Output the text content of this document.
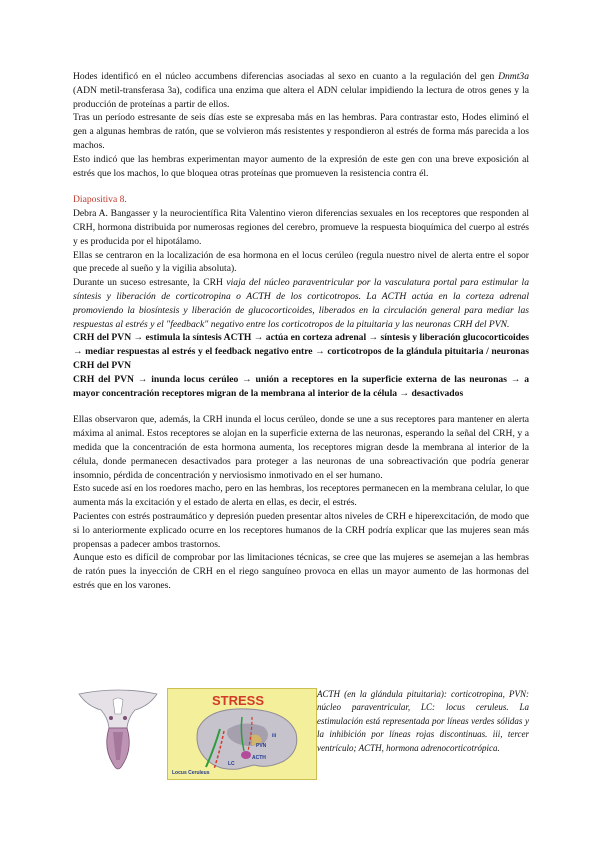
Hodes identificó en el núcleo accumbens diferencias asociadas al sexo en cuanto a la regulación del gen Dnmt3a (ADN metil-transferasa 3a), codifica una enzima que altera el ADN celular impidiendo la lectura de otros genes y la producción de proteínas a partir de ellos.

Tras un período estresante de seis días este se expresaba más en las hembras. Para contrastar esto, Hodes eliminó el gen a algunas hembras de ratón, que se volvieron más resistentes y respondieron al estrés de forma más parecida a los machos.

Esto indicó que las hembras experimentan mayor aumento de la expresión de este gen con una breve exposición al estrés que los machos, lo que bloquea otras proteínas que promueven la resistencia contra él.

Diapositiva 8.

Debra A. Bangasser y la neurocientífica Rita Valentino vieron diferencias sexuales en los receptores que responden al CRH, hormona distribuida por numerosas regiones del cerebro, promueve la respuesta bioquímica del cuerpo al estrés y es producida por el hipotálamo.

Ellas se centraron en la localización de esa hormona en el locus cerúleo (regula nuestro nivel de alerta entre el sopor que precede al sueño y la vigilia absoluta).

Durante un suceso estresante, la CRH viaja del núcleo paraventricular por la vasculatura portal para estimular la síntesis y liberación de corticotropina o ACTH de los corticotropos. La ACTH actúa en la corteza adrenal promoviendo la biosíntesis y liberación de glucocorticoides, liberados en la circulación general para mediar las respuestas al estrés y el "feedback" negativo entre los corticotropos de la pituitaria y las neuronas CRH del PVN.

CRH del PVN → estimula la síntesis ACTH → actúa en corteza adrenal → síntesis y liberación glucocorticoides → mediar respuestas al estrés y el feedback negativo entre → corticotropos de la glándula pituitaria / neuronas CRH del PVN

CRH del PVN → inunda locus cerúleo → unión a receptores en la superficie externa de las neuronas → a mayor concentración receptores migran de la membrana al interior de la célula → desactivados

Ellas observaron que, además, la CRH inunda el locus cerúleo, donde se une a sus receptores para mantener en alerta máxima al animal. Estos receptores se alojan en la superficie externa de las neuronas, esperando la señal del CRH, y a medida que la concentración de esta hormona aumenta, los receptores migran desde la membrana al interior de la célula, donde permanecen desactivados para proteger a las neuronas de una sobreactivación que podría generar insomnio, pérdida de concentración y nerviosismo inmotivado en el ser humano.

Esto sucede así en los roedores macho, pero en las hembras, los receptores permanecen en la membrana celular, lo que aumenta más la excitación y el estado de alerta en ellas, es decir, el estrés.

Pacientes con estrés postraumático y depresión pueden presentar altos niveles de CRH e hiperexcitación, de modo que si lo anteriormente explicado ocurre en los receptores humanos de la CRH podría explicar que las mujeres sean más propensas a padecer ambos trastornos.

Aunque esto es difícil de comprobar por las limitaciones técnicas, se cree que las mujeres se asemejan a las hembras de ratón pues la inyección de CRH en el riego sanguíneo provoca en ellas un mayor aumento de las hormonas del estrés que en los varones.

STRESS
PVN
ACTH
LC
iii
Locus Ceruleus
ACTH (en la glándula pituitaria): corticotropina, PVN: núcleo paraventricular, LC: locus ceruleus. La estimulación está representada por líneas verdes sólidas y la inhibición por líneas rojas discontinuas. iii, tercer ventrículo; ACTH, hormona adrenocorticotrópica.
